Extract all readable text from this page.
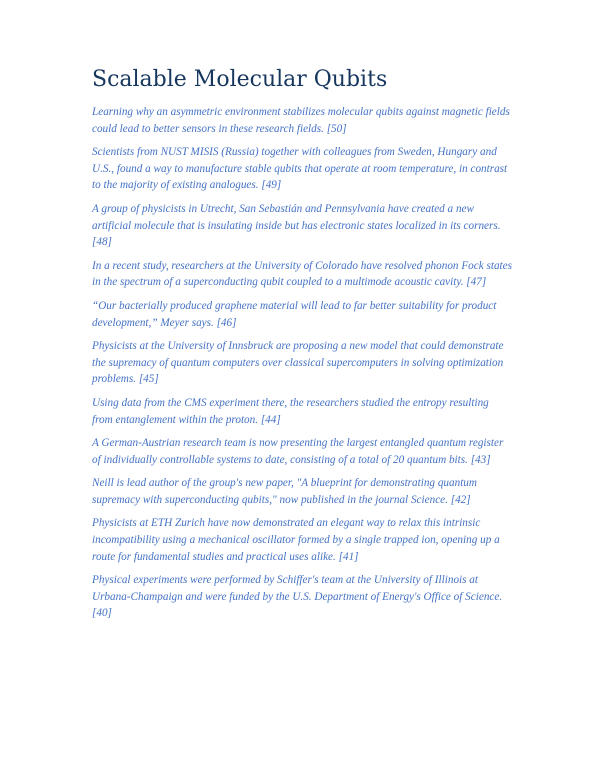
Scalable Molecular Qubits

Learning why an asymmetric environment stabilizes molecular qubits against magnetic fields could lead to better sensors in these research fields. [50]

Scientists from NUST MISIS (Russia) together with colleagues from Sweden, Hungary and U.S., found a way to manufacture stable qubits that operate at room temperature, in contrast to the majority of existing analogues. [49]

A group of physicists in Utrecht, San Sebastián and Pennsylvania have created a new artificial molecule that is insulating inside but has electronic states localized in its corners. [48]

In a recent study, researchers at the University of Colorado have resolved phonon Fock states in the spectrum of a superconducting qubit coupled to a multimode acoustic cavity. [47]

“Our bacterially produced graphene material will lead to far better suitability for product development,” Meyer says. [46]

Physicists at the University of Innsbruck are proposing a new model that could demonstrate the supremacy of quantum computers over classical supercomputers in solving optimization problems. [45]

Using data from the CMS experiment there, the researchers studied the entropy resulting from entanglement within the proton. [44]

A German-Austrian research team is now presenting the largest entangled quantum register of individually controllable systems to date, consisting of a total of 20 quantum bits. [43]

Neill is lead author of the group's new paper, "A blueprint for demonstrating quantum supremacy with superconducting qubits," now published in the journal Science. [42]

Physicists at ETH Zurich have now demonstrated an elegant way to relax this intrinsic incompatibility using a mechanical oscillator formed by a single trapped ion, opening up a route for fundamental studies and practical uses alike. [41]

Physical experiments were performed by Schiffer's team at the University of Illinois at Urbana-Champaign and were funded by the U.S. Department of Energy's Office of Science. [40]
